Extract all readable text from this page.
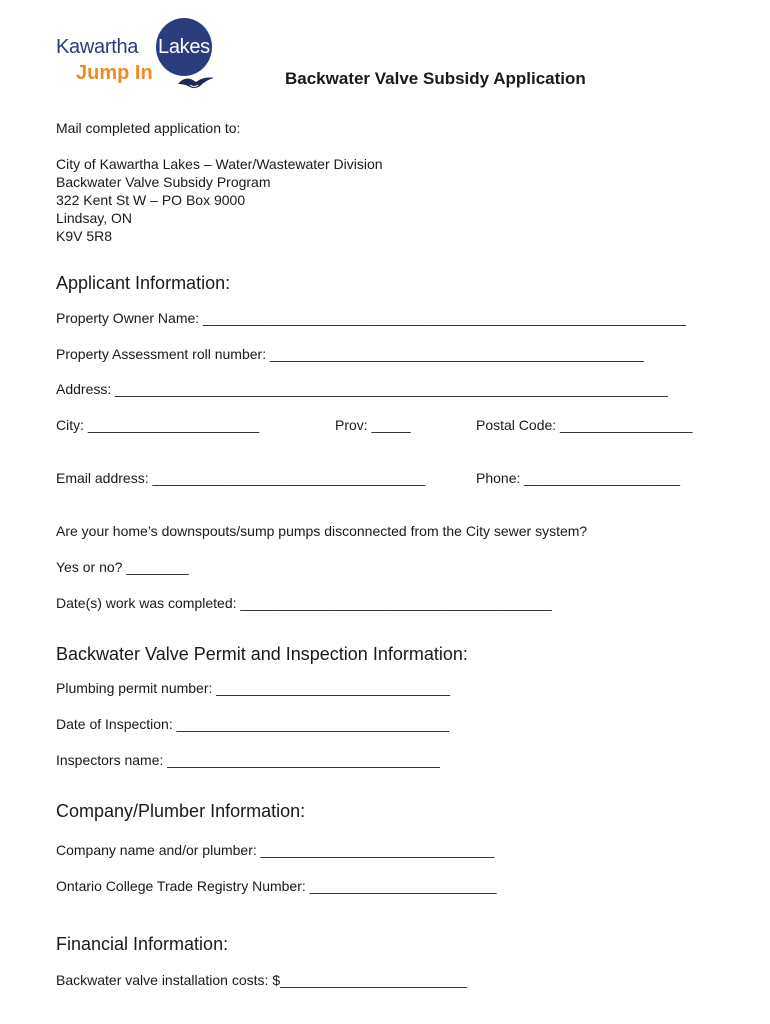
Kawartha Lakes
Jump In	Backwater Valve Subsidy Application
Mail completed application to:
City of Kawartha Lakes – Water/Wastewater Division
Backwater Valve Subsidy Program
322 Kent St W – PO Box 9000
Lindsay, ON
K9V 5R8
Applicant Information:
Property Owner Name: ______________________________________________________________
Property Assessment roll number: ________________________________________________
Address: _______________________________________________________________________
City: ______________________	Prov: _____	Postal Code: _________________
Email address: ___________________________________	Phone: ____________________
Are your home’s downspouts/sump pumps disconnected from the City sewer system?
Yes or no? ________
Date(s) work was completed: ________________________________________
Backwater Valve Permit and Inspection Information:
Plumbing permit number: ______________________________
Date of Inspection: ___________________________________
Inspectors name: ___________________________________
Company/Plumber Information:
Company name and/or plumber: ______________________________
Ontario College Trade Registry Number: ________________________
Financial Information:
Backwater valve installation costs: $________________________
